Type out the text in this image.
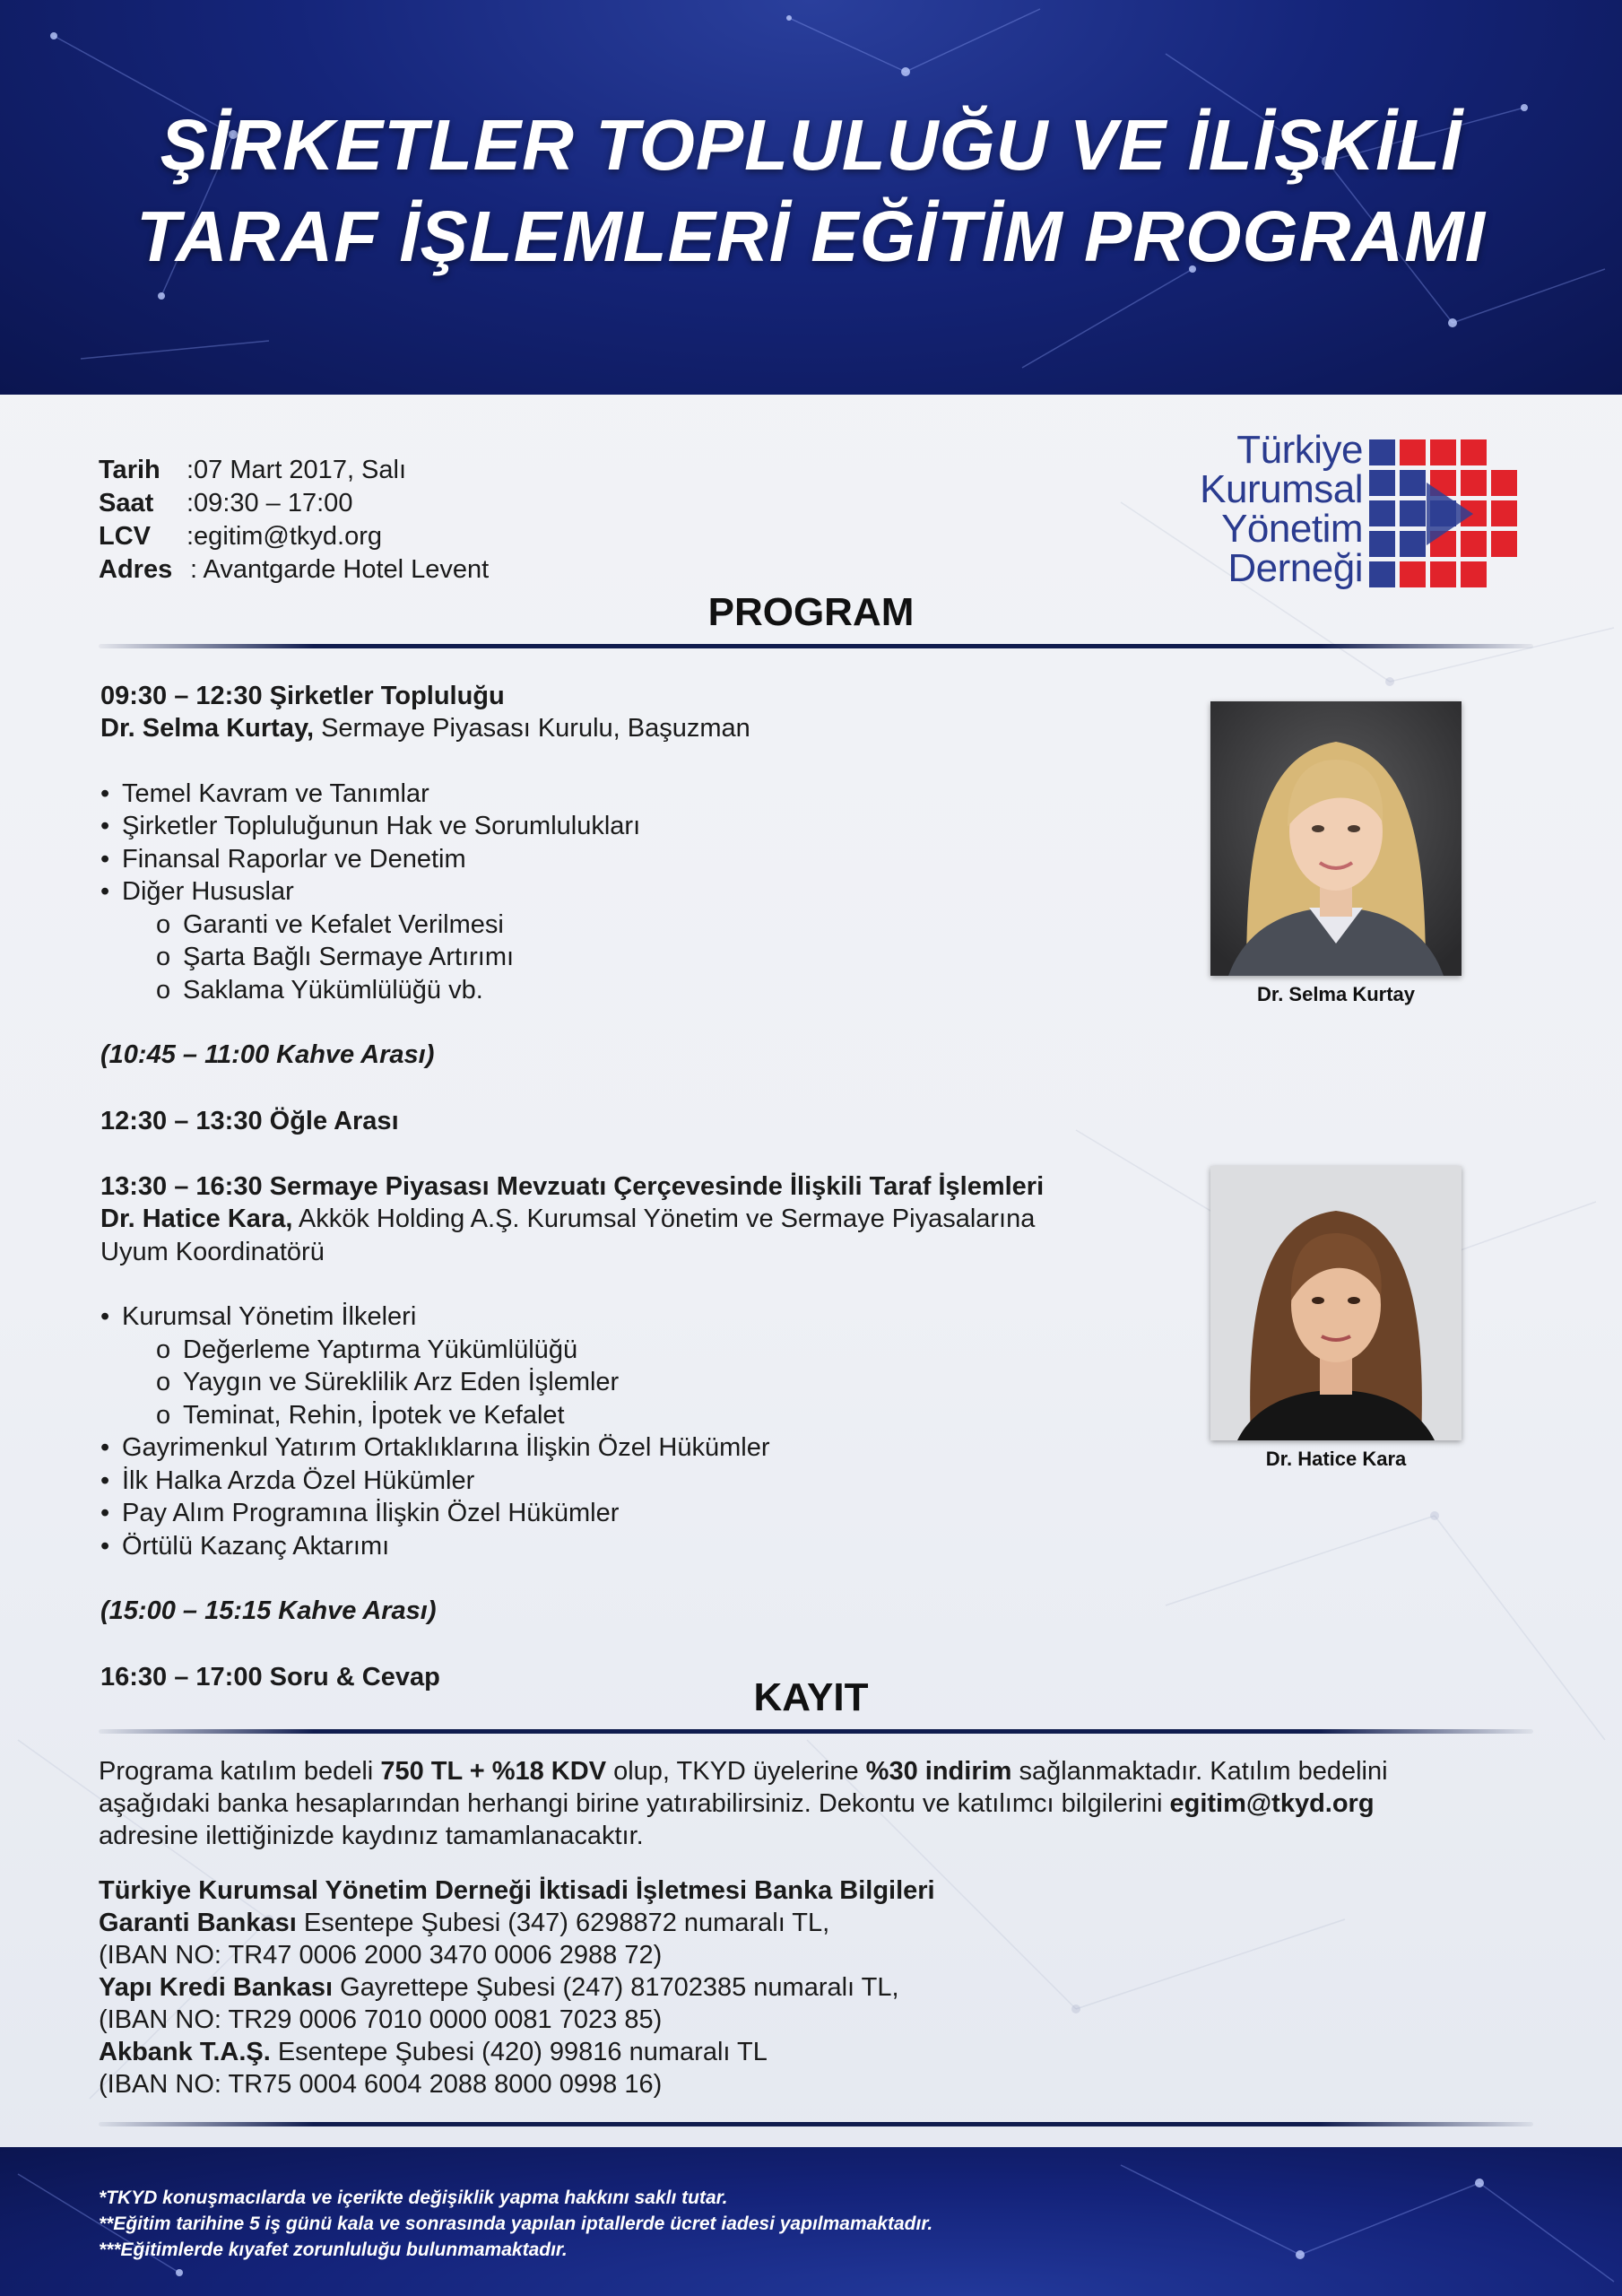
ŞİRKETLER TOPLULUĞU VE İLİŞKİLİ
TARAF İŞLEMLERİ EĞİTİM PROGRAMI
Tarih :07 Mart 2017, Salı
Saat :09:30 – 17:00
LCV :egitim@tkyd.org
Adres : Avantgarde Hotel Levent
Türkiye
Kurumsal
Yönetim
Derneği
PROGRAM
09:30 – 12:30 Şirketler Topluluğu
Dr. Selma Kurtay, Sermaye Piyasası Kurulu, Başuzman
• Temel Kavram ve Tanımlar
• Şirketler Topluluğunun Hak ve Sorumlulukları
• Finansal Raporlar ve Denetim
• Diğer Hususlar
o Garanti ve Kefalet Verilmesi
o Şarta Bağlı Sermaye Artırımı
o Saklama Yükümlülüğü vb.
(10:45 – 11:00 Kahve Arası)
12:30 – 13:30 Öğle Arası
13:30 – 16:30 Sermaye Piyasası Mevzuatı Çerçevesinde İlişkili Taraf İşlemleri
Dr. Hatice Kara, Akkök Holding A.Ş. Kurumsal Yönetim ve Sermaye Piyasalarına
Uyum Koordinatörü
• Kurumsal Yönetim İlkeleri
o Değerleme Yaptırma Yükümlülüğü
o Yaygın ve Süreklilik Arz Eden İşlemler
o Teminat, Rehin, İpotek ve Kefalet
• Gayrimenkul Yatırım Ortaklıklarına İlişkin Özel Hükümler
• İlk Halka Arzda Özel Hükümler
• Pay Alım Programına İlişkin Özel Hükümler
• Örtülü Kazanç Aktarımı
(15:00 – 15:15 Kahve Arası)
16:30 – 17:00 Soru & Cevap
Dr. Selma Kurtay
Dr. Hatice Kara
KAYIT
Programa katılım bedeli 750 TL + %18 KDV olup, TKYD üyelerine %30 indirim sağlanmaktadır. Katılım bedelini
aşağıdaki banka hesaplarından herhangi birine yatırabilirsiniz. Dekontu ve katılımcı bilgilerini egitim@tkyd.org
adresine ilettiğinizde kaydınız tamamlanacaktır.
Türkiye Kurumsal Yönetim Derneği İktisadi İşletmesi Banka Bilgileri
Garanti Bankası Esentepe Şubesi (347) 6298872 numaralı TL,
(IBAN NO: TR47 0006 2000 3470 0006 2988 72)
Yapı Kredi Bankası Gayrettepe Şubesi (247) 81702385 numaralı TL,
(IBAN NO: TR29 0006 7010 0000 0081 7023 85)
Akbank T.A.Ş. Esentepe Şubesi (420) 99816 numaralı TL
(IBAN NO: TR75 0004 6004 2088 8000 0998 16)
*TKYD konuşmacılarda ve içerikte değişiklik yapma hakkını saklı tutar.
**Eğitim tarihine 5 iş günü kala ve sonrasında yapılan iptallerde ücret iadesi yapılmamaktadır.
***Eğitimlerde kıyafet zorunluluğu bulunmamaktadır.
